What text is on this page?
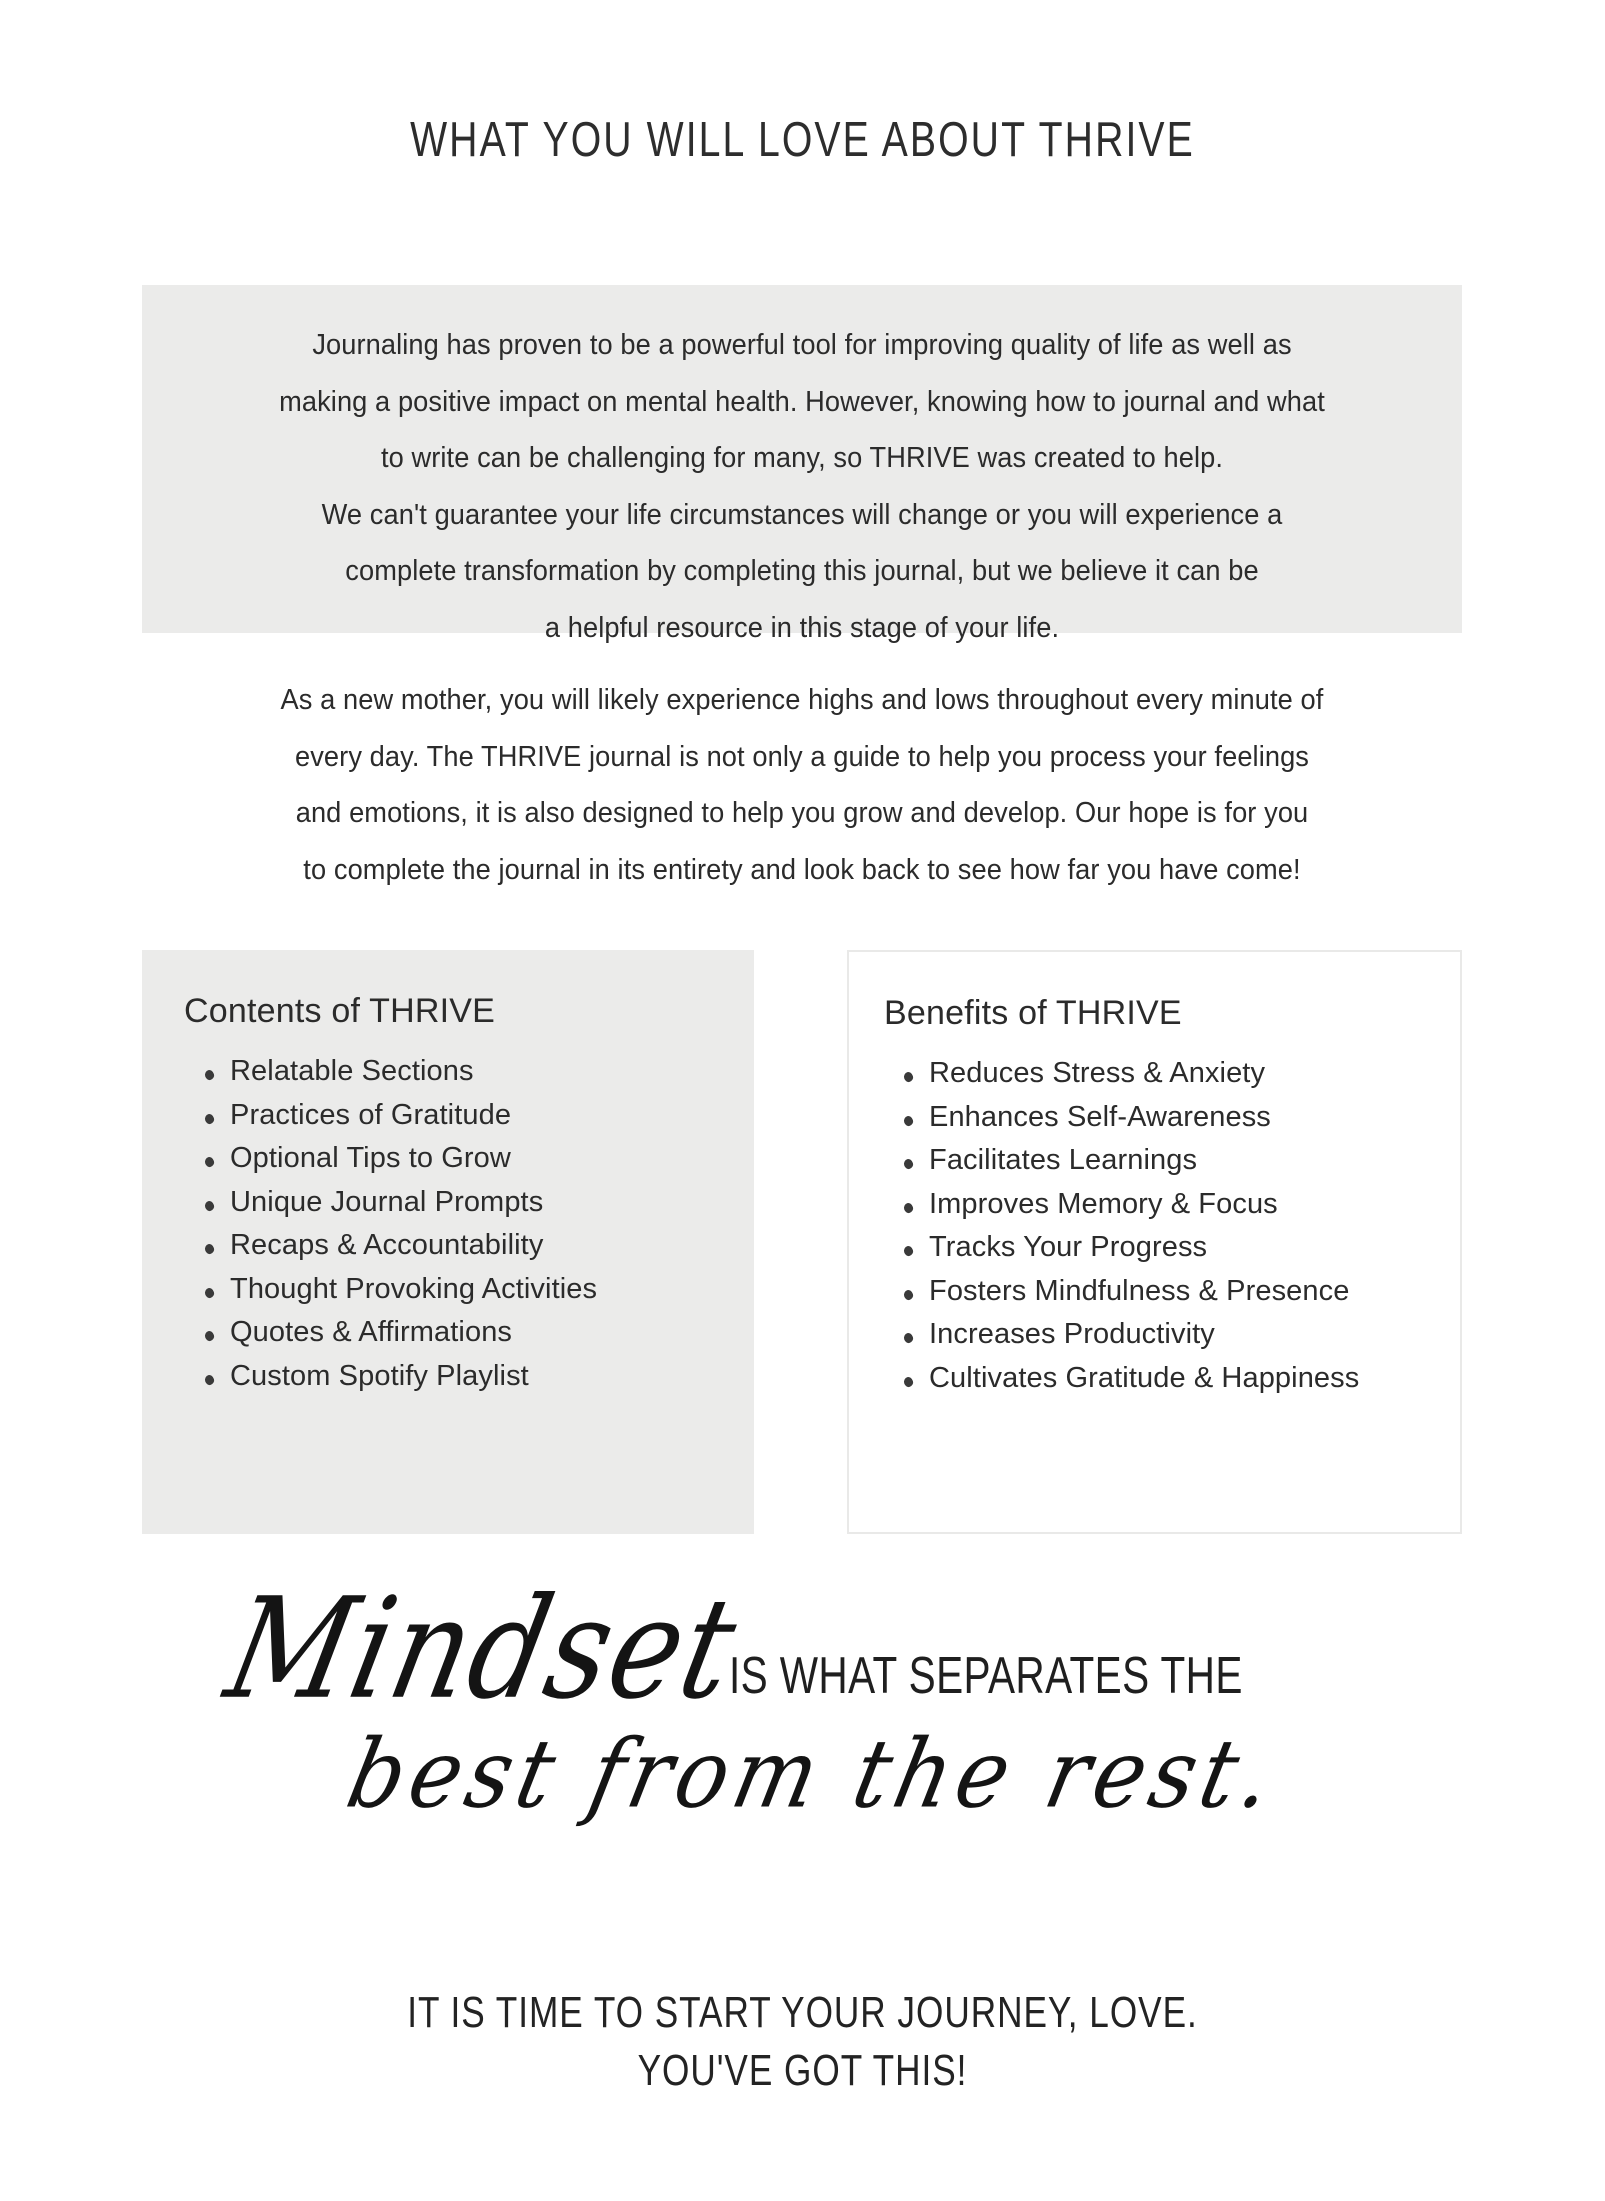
WHAT YOU WILL LOVE ABOUT THRIVE
Journaling has proven to be a powerful tool for improving quality of life as well as
making a positive impact on mental health. However, knowing how to journal and what
to write can be challenging for many, so THRIVE was created to help.
We can't guarantee your life circumstances will change or you will experience a
complete transformation by completing this journal, but we believe it can be
a helpful resource in this stage of your life.
As a new mother, you will likely experience highs and lows throughout every minute of
every day. The THRIVE journal is not only a guide to help you process your feelings
and emotions, it is also designed to help you grow and develop. Our hope is for you
to complete the journal in its entirety and look back to see how far you have come!
Contents of THRIVE
Relatable Sections
Practices of Gratitude
Optional Tips to Grow
Unique Journal Prompts
Recaps & Accountability
Thought Provoking Activities
Quotes & Affirmations
Custom Spotify Playlist
Benefits of THRIVE
Reduces Stress & Anxiety
Enhances Self-Awareness
Facilitates Learnings
Improves Memory & Focus
Tracks Your Progress
Fosters Mindfulness & Presence
Increases Productivity
Cultivates Gratitude & Happiness
Mindset
IS WHAT SEPARATES THE
best from the rest.
IT IS TIME TO START YOUR JOURNEY, LOVE.
YOU'VE GOT THIS!
